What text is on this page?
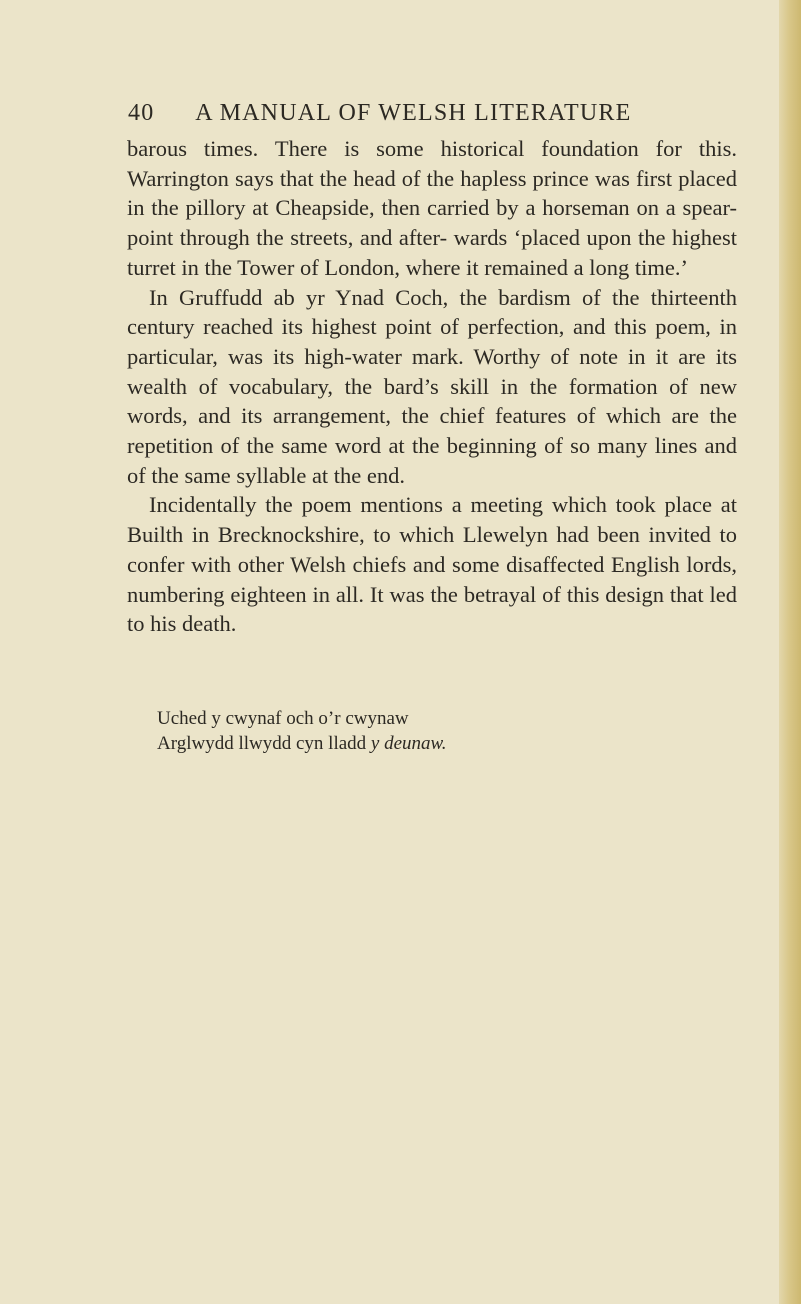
40 A MANUAL OF WELSH LITERATURE

barous times. There is some historical foundation for this. Warrington says that the head of the hapless prince was first placed in the pillory at Cheapside, then carried by a horseman on a spear-point through the streets, and after- wards ‘placed upon the highest turret in the Tower of London, where it remained a long time.’

In Gruffudd ab yr Ynad Coch, the bardism of the thirteenth century reached its highest point of perfection, and this poem, in particular, was its high-water mark. Worthy of note in it are its wealth of vocabulary, the bard’s skill in the formation of new words, and its arrangement, the chief features of which are the repetition of the same word at the beginning of so many lines and of the same syllable at the end.

Incidentally the poem mentions a meeting which took place at Builth in Brecknockshire, to which Llewelyn had been invited to confer with other Welsh chiefs and some disaffected English lords, numbering eighteen in all. It was the betrayal of this design that led to his death.

Uched y cwynaf och o’r cwynaw
Arglwydd llwydd cyn lladd y deunaw.
